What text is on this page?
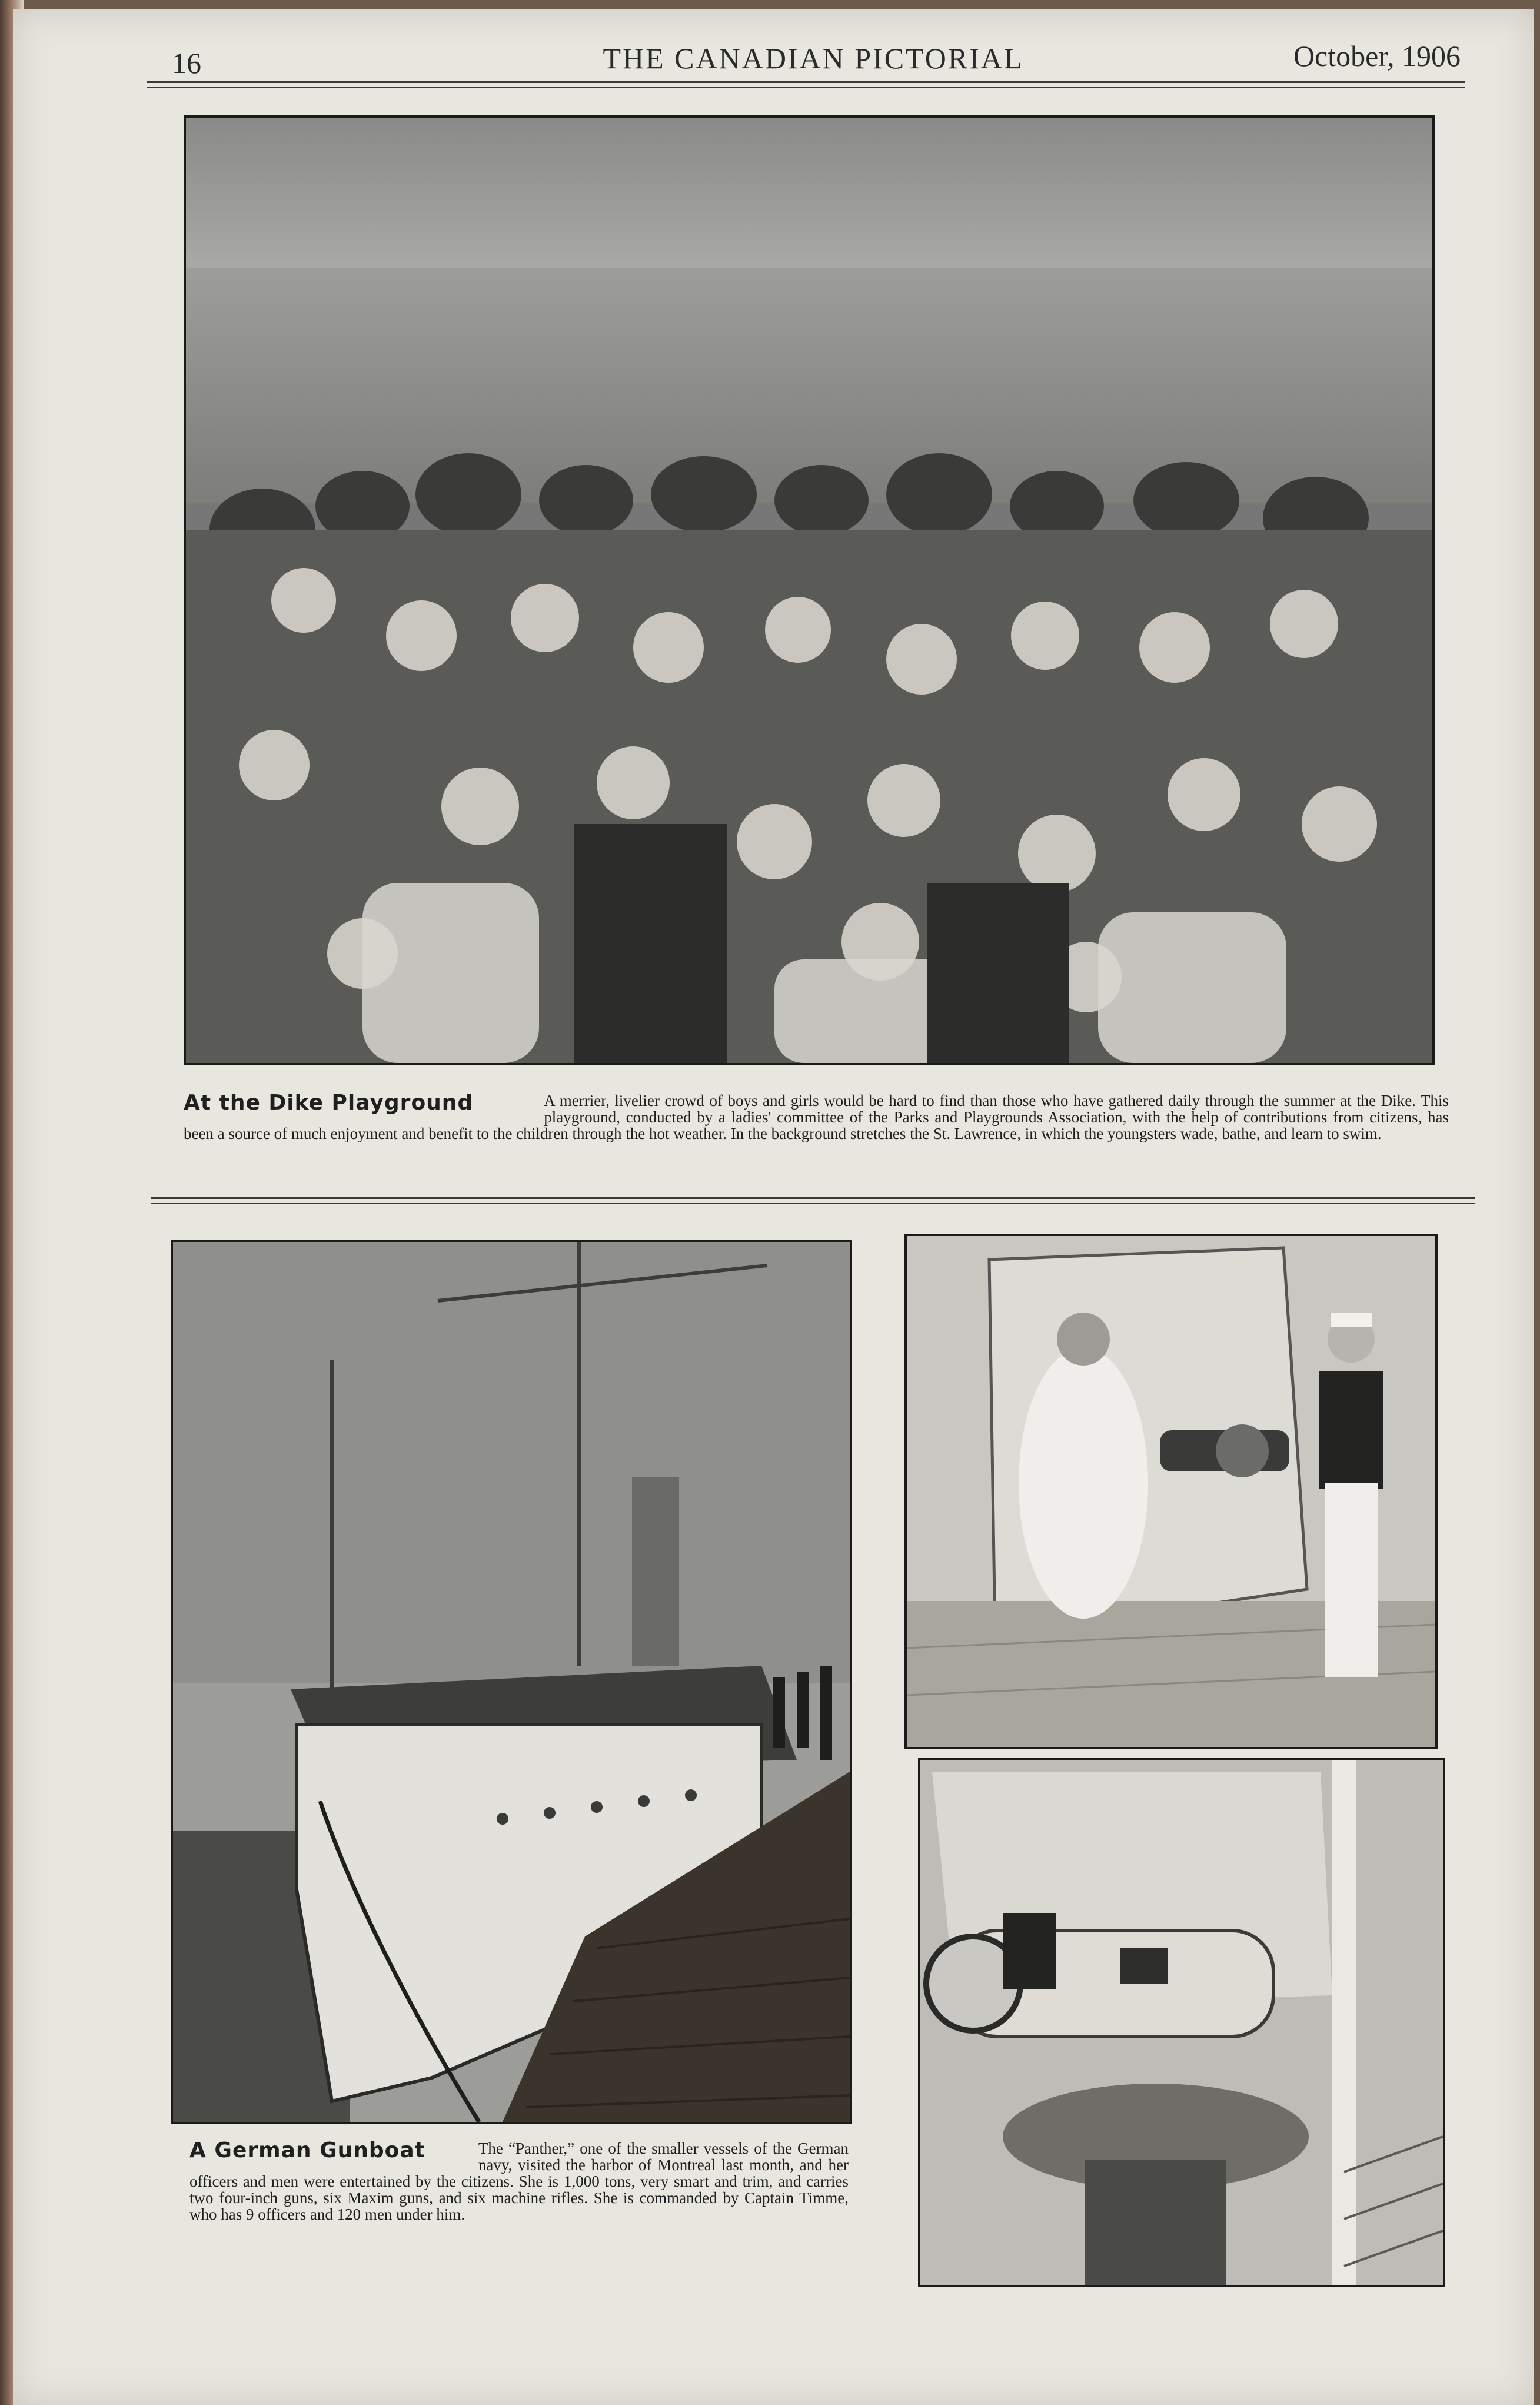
16	THE CANADIAN PICTORIAL	October, 1906
At the Dike Playground	A merrier, livelier crowd of boys and girls would be hard to find than those who have gathered daily through the summer at the Dike. This playground, conducted by a ladies' committee of the Parks and Playgrounds Association, with the help of contributions from citizens, has been a source of much enjoyment and benefit to the children through the hot weather. In the background stretches the St. Lawrence, in which the youngsters wade, bathe, and learn to swim.
A German Gunboat	The “Panther,” one of the smaller vessels of the German navy, visited the harbor of Montreal last month, and her officers and men were entertained by the citizens. She is 1,000 tons, very smart and trim, and carries two four-inch guns, six Maxim guns, and six machine rifles. She is commanded by Captain Timme, who has 9 officers and 120 men under him.
